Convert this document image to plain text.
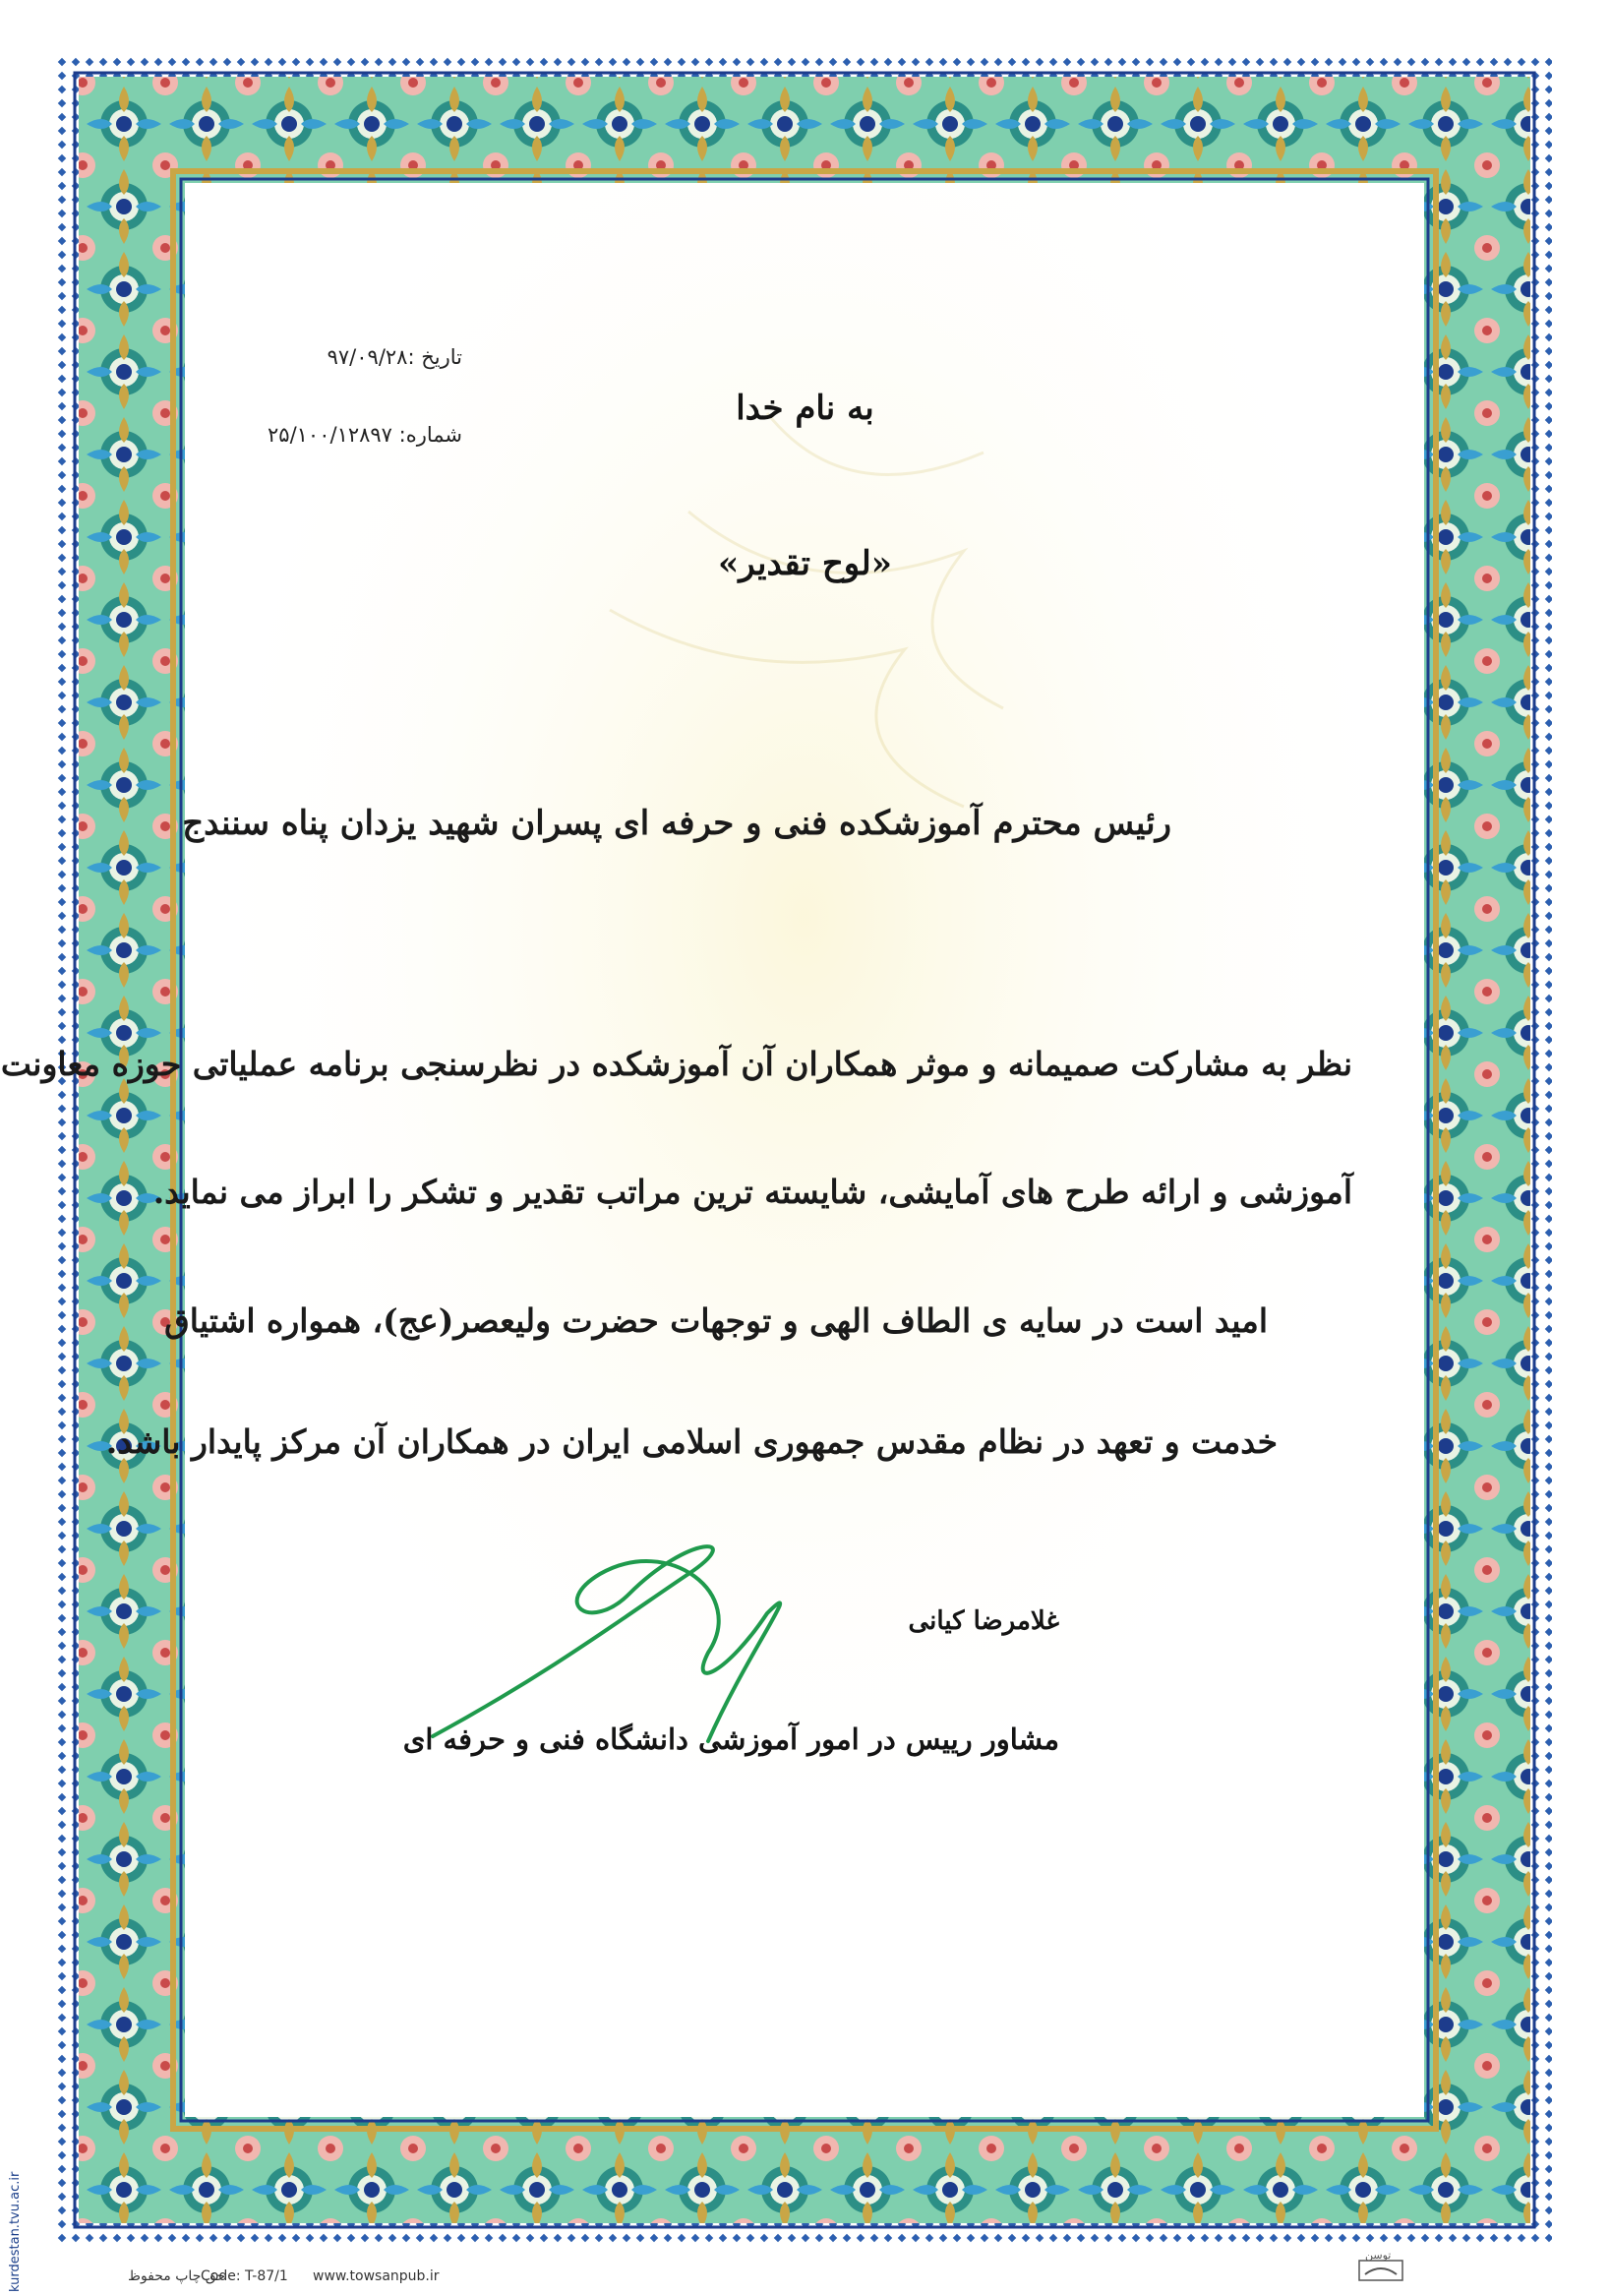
تاریخ :۹۷/۰۹/۲۸
شماره: ۲۵/۱۰۰/۱۲۸۹۷
به نام خدا
«لوح تقدیر»
رئیس محترم آموزشکده فنی و حرفه ای پسران شهید یزدان پناه سنندج
نظر به مشارکت صمیمانه و موثر همکاران آن آموزشکده در نظرسنجی برنامه عملیاتی حوزه معاونت
آموزشی و ارائه طرح های آمایشی، شایسته ترین مراتب تقدیر و تشکر را ابراز می نماید.
امید است در سایه ی الطاف الهی و توجهات حضرت ولیعصر(عج)، همواره اشتیاق
خدمت و تعهد در نظام مقدس جمهوری اسلامی ایران در همکاران آن مرکز پایدار باشد.
غلامرضا کیانی
مشاور رییس در امور آموزشی دانشگاه فنی و حرفه ای
Code: T-87/1 www.towsanpub.ir
حق چاپ محفوظ
توسن
kurdestan.tvu.ac.ir
